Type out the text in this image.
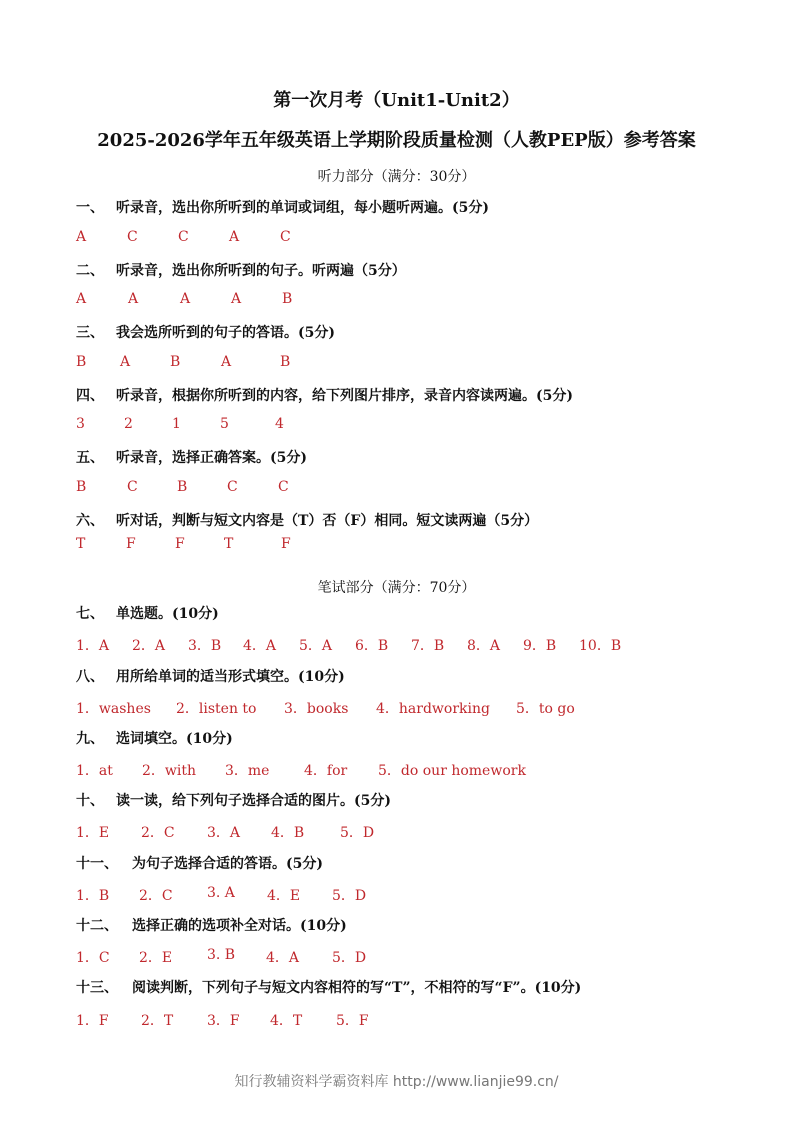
第一次月考（Unit1-Unit2）
2025-2026学年五年级英语上学期阶段质量检测（人教PEP版）参考答案
听力部分（满分：30分）
一、 听录音，选出你所听到的单词或词组，每小题听两遍。(5分)
A	C	C	A	C
二、 听录音，选出你所听到的句子。听两遍（5分）
A	A	A	A	B
三、 我会选所听到的句子的答语。(5分)
B A	B	A	B
四、 听录音，根据你所听到的内容，给下列图片排序，录音内容读两遍。(5分)
3	2	1	5	4
五、 听录音，选择正确答案。(5分)
B	C	B	C	C
六、 听对话，判断与短文内容是（T）否（F）相同。短文读两遍（5分）
T	F	F	T	F
笔试部分（满分：70分）
七、 单选题。(10分)
1．A 2．A 3．B 4．A 5．A 6．B 7．B 8．A 9．B 10．B
八、 用所给单词的适当形式填空。(10分)
1．washes 2．listen to 3．books 4．hardworking 5．to go
九、 选词填空。(10分)
1．at 2．with 3．me 4．for 5．do our homework
十、 读一读，给下列句子选择合适的图片。(5分)
1．E 2．C 3．A 4．B	5．D
十一、 为句子选择合适的答语。(5分)
1．B 2．C 3. A 4．E 5．D
十二、 选择正确的选项补全对话。(10分)
1．C 2．E 3. B 4．A 5．D
十三、 阅读判断，下列句子与短文内容相符的写“T”，不相符的写“F”。(10分)
1．F 2．T 3．F 4．T 5．F
知行教辅资料学霸资料库 http://www.lianjie99.cn/
